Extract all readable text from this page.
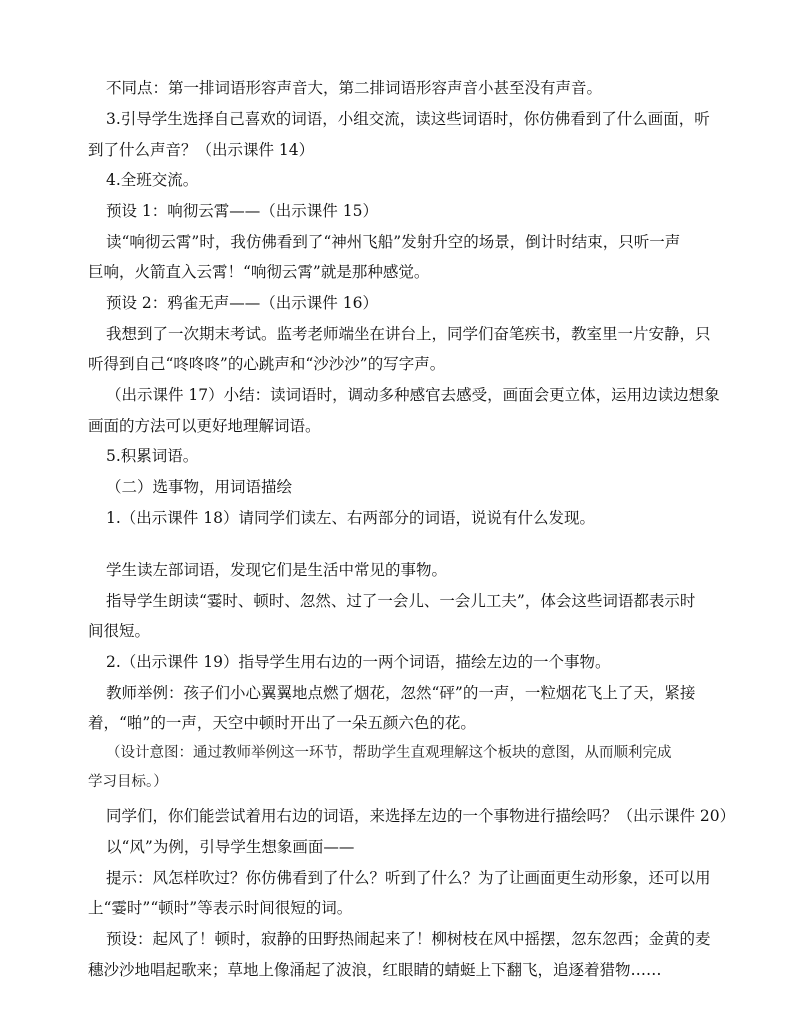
不同点：第一排词语形容声音大，第二排词语形容声音小甚至没有声音。
3.引导学生选择自己喜欢的词语，小组交流，读这些词语时，你仿佛看到了什么画面，听
到了什么声音？（出示课件 14）
4.全班交流。
预设 1：响彻云霄——（出示课件 15）
读“响彻云霄”时，我仿佛看到了“神州飞船”发射升空的场景，倒计时结束，只听一声
巨响，火箭直入云霄！“响彻云霄”就是那种感觉。
预设 2：鸦雀无声——（出示课件 16）
我想到了一次期末考试。监考老师端坐在讲台上，同学们奋笔疾书，教室里一片安静，只
听得到自己“咚咚咚”的心跳声和“沙沙沙”的写字声。
（出示课件 17）小结：读词语时，调动多种感官去感受，画面会更立体，运用边读边想象
画面的方法可以更好地理解词语。
5.积累词语。
（二）选事物，用词语描绘
1.（出示课件 18）请同学们读左、右两部分的词语，说说有什么发现。
学生读左部词语，发现它们是生活中常见的事物。
指导学生朗读“霎时、顿时、忽然、过了一会儿、一会儿工夫”，体会这些词语都表示时
间很短。
2.（出示课件 19）指导学生用右边的一两个词语，描绘左边的一个事物。
教师举例：孩子们小心翼翼地点燃了烟花，忽然“砰”的一声，一粒烟花飞上了天，紧接
着，“啪”的一声，天空中顿时开出了一朵五颜六色的花。
（设计意图：通过教师举例这一环节，帮助学生直观理解这个板块的意图，从而顺利完成
学习目标。）
同学们，你们能尝试着用右边的词语，来选择左边的一个事物进行描绘吗？（出示课件 20）
以“风”为例，引导学生想象画面——
提示：风怎样吹过？你仿佛看到了什么？听到了什么？为了让画面更生动形象，还可以用
上“霎时”“顿时”等表示时间很短的词。
预设：起风了！顿时，寂静的田野热闹起来了！柳树枝在风中摇摆，忽东忽西；金黄的麦
穗沙沙地唱起歌来；草地上像涌起了波浪，红眼睛的蜻蜓上下翻飞，追逐着猎物……
